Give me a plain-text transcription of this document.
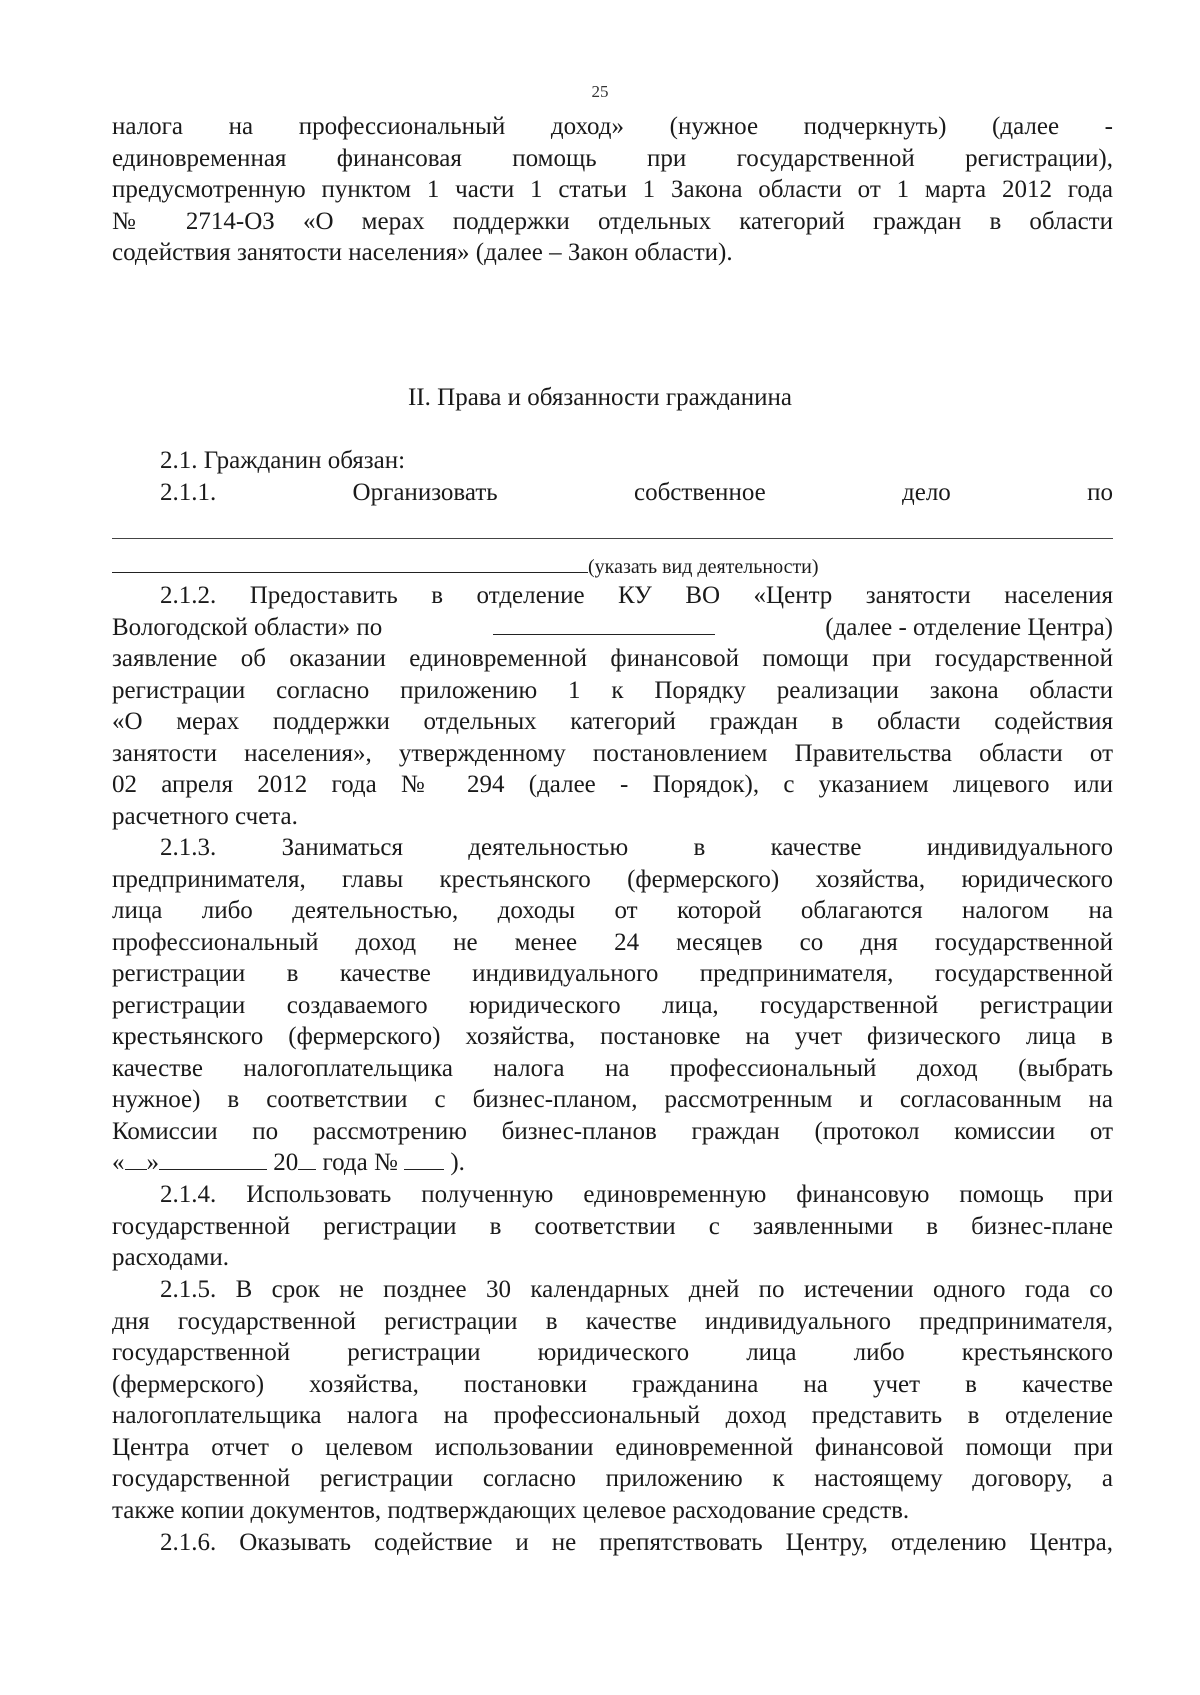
25

налога на профессиональный доход» (нужное подчеркнуть) (далее -

единовременная финансовая помощь при государственной регистрации),

предусмотренную пунктом 1 части 1 статьи 1 Закона области от 1 марта 2012 года

№ 2714-ОЗ «О мерах поддержки отдельных категорий граждан в области

содействия занятости населения» (далее – Закон области).

II. Права и обязанности гражданина

2.1. Гражданин обязан:

2.1.1.	Организовать	собственное	дело	по
(указать вид деятельности)

2.1.2. Предоставить в отделение КУ ВО «Центр занятости населения

Вологодской области» по	(далее - отделение Центра)

заявление об оказании единовременной финансовой помощи при государственной

регистрации согласно приложению 1 к Порядку реализации закона области

«О мерах поддержки отдельных категорий граждан в области содействия

занятости населения», утвержденному постановлением Правительства области от

02 апреля 2012 года № 294 (далее - Порядок), с указанием лицевого или

расчетного счета.

2.1.3. Заниматься деятельностью в качестве индивидуального

предпринимателя, главы крестьянского (фермерского) хозяйства, юридического

лица либо деятельностью, доходы от которой облагаются налогом на

профессиональный доход не менее 24 месяцев со дня государственной

регистрации в качестве индивидуального предпринимателя, государственной

регистрации создаваемого юридического лица, государственной регистрации

крестьянского (фермерского) хозяйства, постановке на учет физического лица в

качестве налогоплательщика налога на профессиональный доход (выбрать

нужное) в соответствии с бизнес-планом, рассмотренным и согласованным на

Комиссии по рассмотрению бизнес-планов граждан (протокол комиссии от

« »	20 года № ).

2.1.4. Использовать полученную единовременную финансовую помощь при

государственной регистрации в соответствии с заявленными в бизнес-плане

расходами.

2.1.5. В срок не позднее 30 календарных дней по истечении одного года со

дня государственной регистрации в качестве индивидуального предпринимателя,

государственной регистрации юридического лица либо крестьянского

(фермерского) хозяйства, постановки гражданина на учет в качестве

налогоплательщика налога на профессиональный доход представить в отделение

Центра отчет о целевом использовании единовременной финансовой помощи при

государственной регистрации согласно приложению к настоящему договору, а

также копии документов, подтверждающих целевое расходование средств.

2.1.6. Оказывать содействие и не препятствовать Центру, отделению Центра,
